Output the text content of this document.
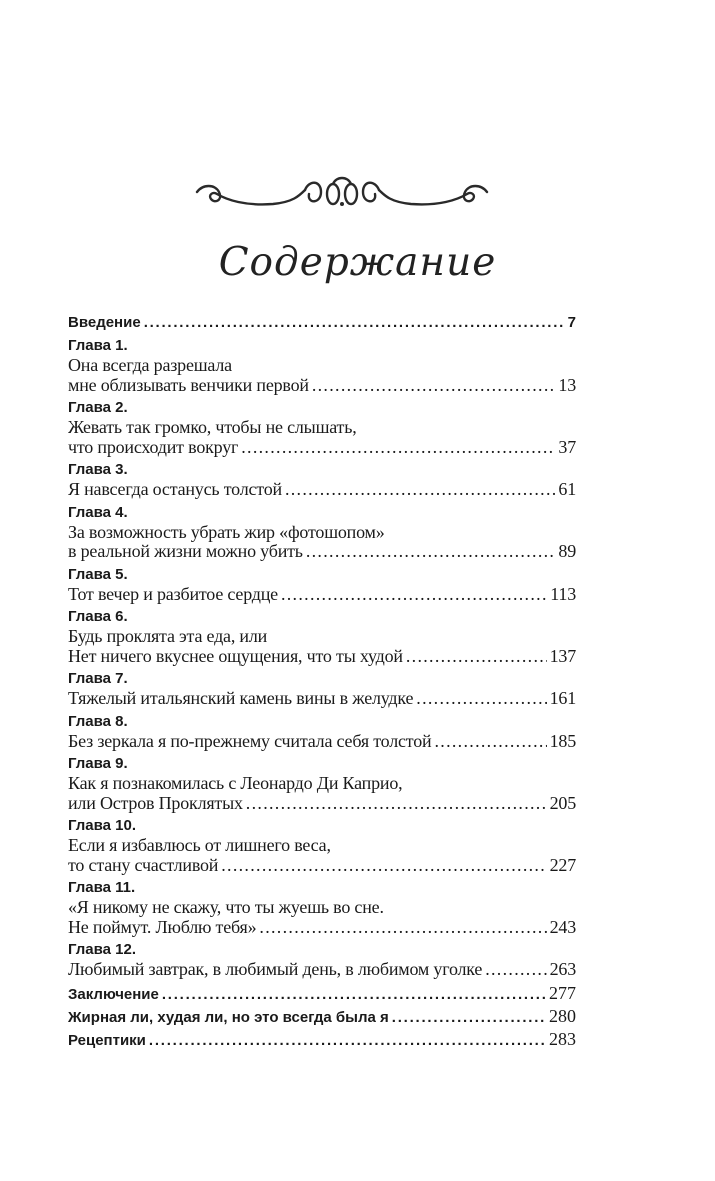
Содержание
Введение . . .	7
Глава 1.
Она всегда разрешала
мне облизывать венчики первой . . .	13
Глава 2.
Жевать так громко, чтобы не слышать,
что происходит вокруг . . .	37
Глава 3.
Я навсегда останусь толстой . . .	61
Глава 4.
За возможность убрать жир «фотошопом»
в реальной жизни можно убить . . .	89
Глава 5.
Тот вечер и разбитое сердце . . .	113
Глава 6.
Будь проклята эта еда, или
Нет ничего вкуснее ощущения, что ты худой . . .	137
Глава 7.
Тяжелый итальянский камень вины в желудке . . .	161
Глава 8.
Без зеркала я по-прежнему считала себя толстой . . .	185
Глава 9.
Как я познакомилась с Леонардо Ди Каприо,
или Остров Проклятых . . .	205
Глава 10.
Если я избавлюсь от лишнего веса,
то стану счастливой . . .	227
Глава 11.
«Я никому не скажу, что ты жуешь во сне.
Не поймут. Люблю тебя» . . .	243
Глава 12.
Любимый завтрак, в любимый день, в любимом уголке . . .	263
Заключение . . .	277
Жирная ли, худая ли, но это всегда была я . . .	280
Рецептики . . .	283
